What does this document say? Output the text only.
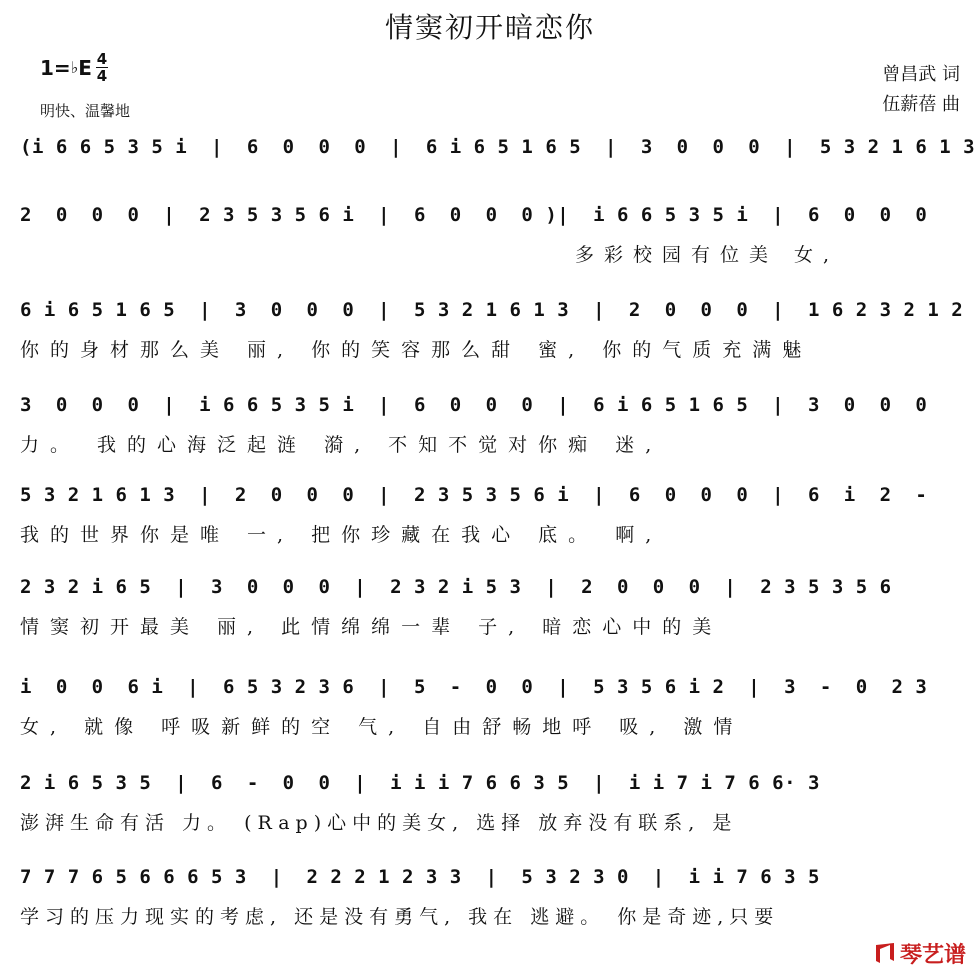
情窦初开暗恋你
1= ♭ E $\frac{4}{4}$
明快、温馨地
曾昌武 词
伍薪蓓 曲
(i 6 6 5 3 5 i  |  6  0  0  0  |  6 i 6 5 1 6 5  |  3  0  0  0  |  5 3 2 1 6 1 3
2  0  0  0  |  2 3 5 3 5 6 i  |  6  0  0  0 )|  i 6 6 5 3 5 i  |  6  0  0  0
多彩校园有位美 女,
6 i 6 5 1 6 5  |  3  0  0  0  |  5 3 2 1 6 1 3  |  2  0  0  0  |  1 6 2 3 2 1 2
你的身材那么美 丽, 你的笑容那么甜 蜜, 你的气质充满魅
3  0  0  0  |  i 6 6 5 3 5 i  |  6  0  0  0  |  6 i 6 5 1 6 5  |  3  0  0  0
力。 我的心海泛起涟 漪, 不知不觉对你痴 迷,
5 3 2 1 6 1 3  |  2  0  0  0  |  2 3 5 3 5 6 i  |  6  0  0  0  |  6  i  2  -
我的世界你是唯 一, 把你珍藏在我心 底。 啊,
2 3 2 i 6 5  |  3  0  0  0  |  2 3 2 i 5 3  |  2  0  0  0  |  2 3 5 3 5 6
情窦初开最美 丽, 此情绵绵一辈 子, 暗恋心中的美
i  0  0  6 i  |  6 5 3 2 3 6  |  5  -  0  0  |  5 3 5 6 i 2  |  3  -  0  2 3
女, 就像 呼吸新鲜的空 气, 自由舒畅地呼 吸, 激情
2 i 6 5 3 5  |  6  -  0  0  |  i i i 7 6 6 3 5  |  i i 7 i 7 6 6· 3
澎湃生命有活 力。 (Rap)心中的美女, 选择 放弃没有联系, 是
7 7 7 6 5 6 6 6 5 3  |  2 2 2 1 2 3 3  |  5 3 2 3 0  |  i i 7 6 3 5
学习的压力现实的考虑, 还是没有勇气, 我在 逃避。 你是奇迹,只要
琴艺谱
